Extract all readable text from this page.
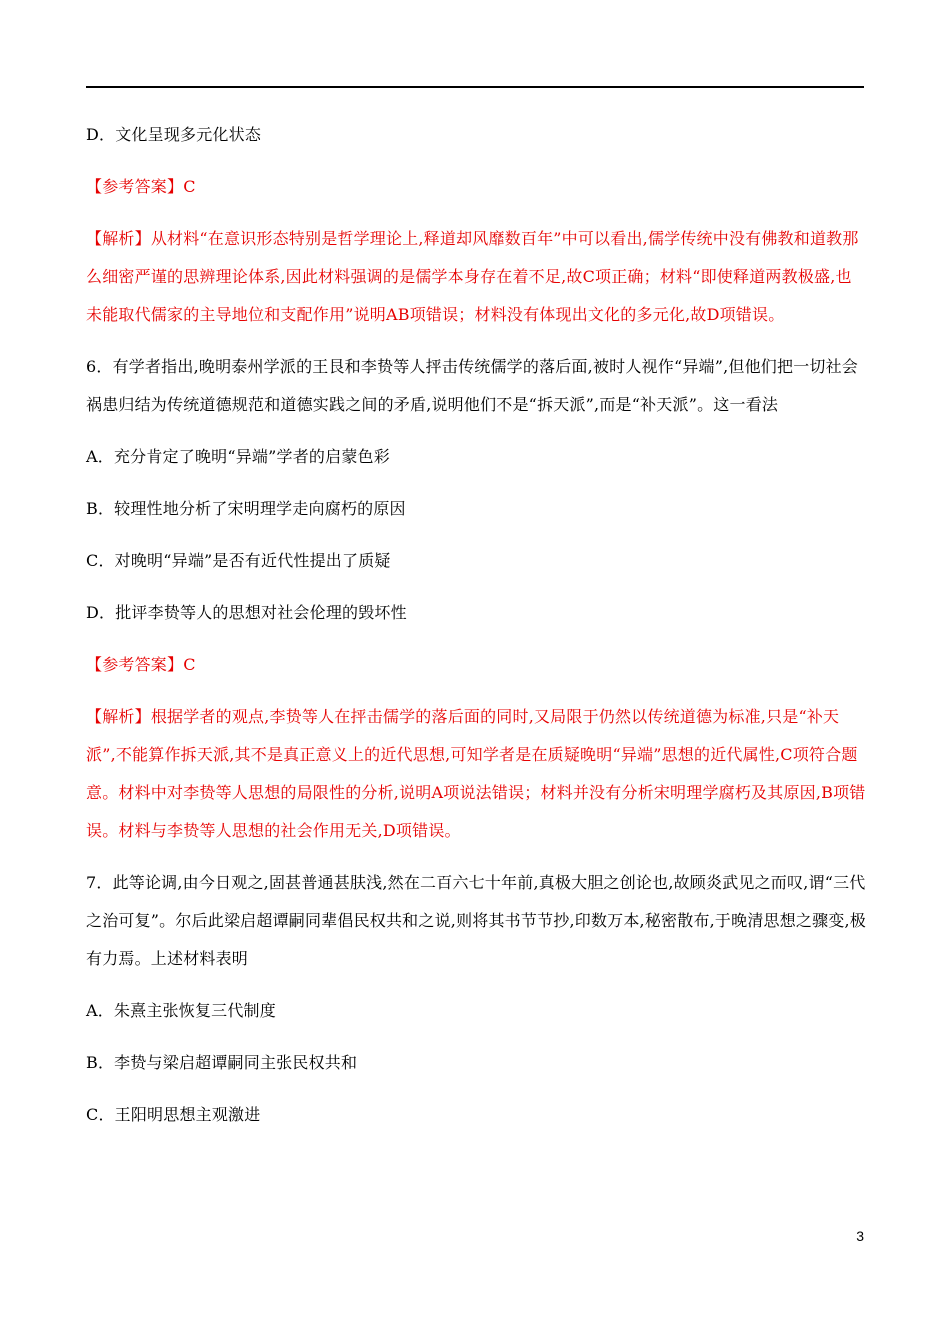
D．文化呈现多元化状态

【参考答案】C

【解析】从材料“在意识形态特别是哲学理论上,释道却风靡数百年”中可以看出,儒学传统中没有佛教和道教那么细密严谨的思辨理论体系,因此材料强调的是儒学本身存在着不足,故C项正确；材料“即使释道两教极盛,也未能取代儒家的主导地位和支配作用”说明AB项错误；材料没有体现出文化的多元化,故D项错误。

6．有学者指出,晚明泰州学派的王艮和李贽等人抨击传统儒学的落后面,被时人视作“异端”,但他们把一切社会祸患归结为传统道德规范和道德实践之间的矛盾,说明他们不是“拆天派”,而是“补天派”。这一看法

A．充分肯定了晚明“异端”学者的启蒙色彩

B．较理性地分析了宋明理学走向腐朽的原因

C．对晚明“异端”是否有近代性提出了质疑

D．批评李贽等人的思想对社会伦理的毁坏性

【参考答案】C

【解析】根据学者的观点,李贽等人在抨击儒学的落后面的同时,又局限于仍然以传统道德为标准,只是“补天派”,不能算作拆天派,其不是真正意义上的近代思想,可知学者是在质疑晚明“异端”思想的近代属性,C项符合题意。材料中对李贽等人思想的局限性的分析,说明A项说法错误；材料并没有分析宋明理学腐朽及其原因,B项错误。材料与李贽等人思想的社会作用无关,D项错误。

7．此等论调,由今日观之,固甚普通甚肤浅,然在二百六七十年前,真极大胆之创论也,故顾炎武见之而叹,谓“三代之治可复”。尔后此梁启超谭嗣同辈倡民权共和之说,则将其书节节抄,印数万本,秘密散布,于晚清思想之骤变,极有力焉。上述材料表明

A．朱熹主张恢复三代制度

B．李贽与梁启超谭嗣同主张民权共和

C．王阳明思想主观激进

3
